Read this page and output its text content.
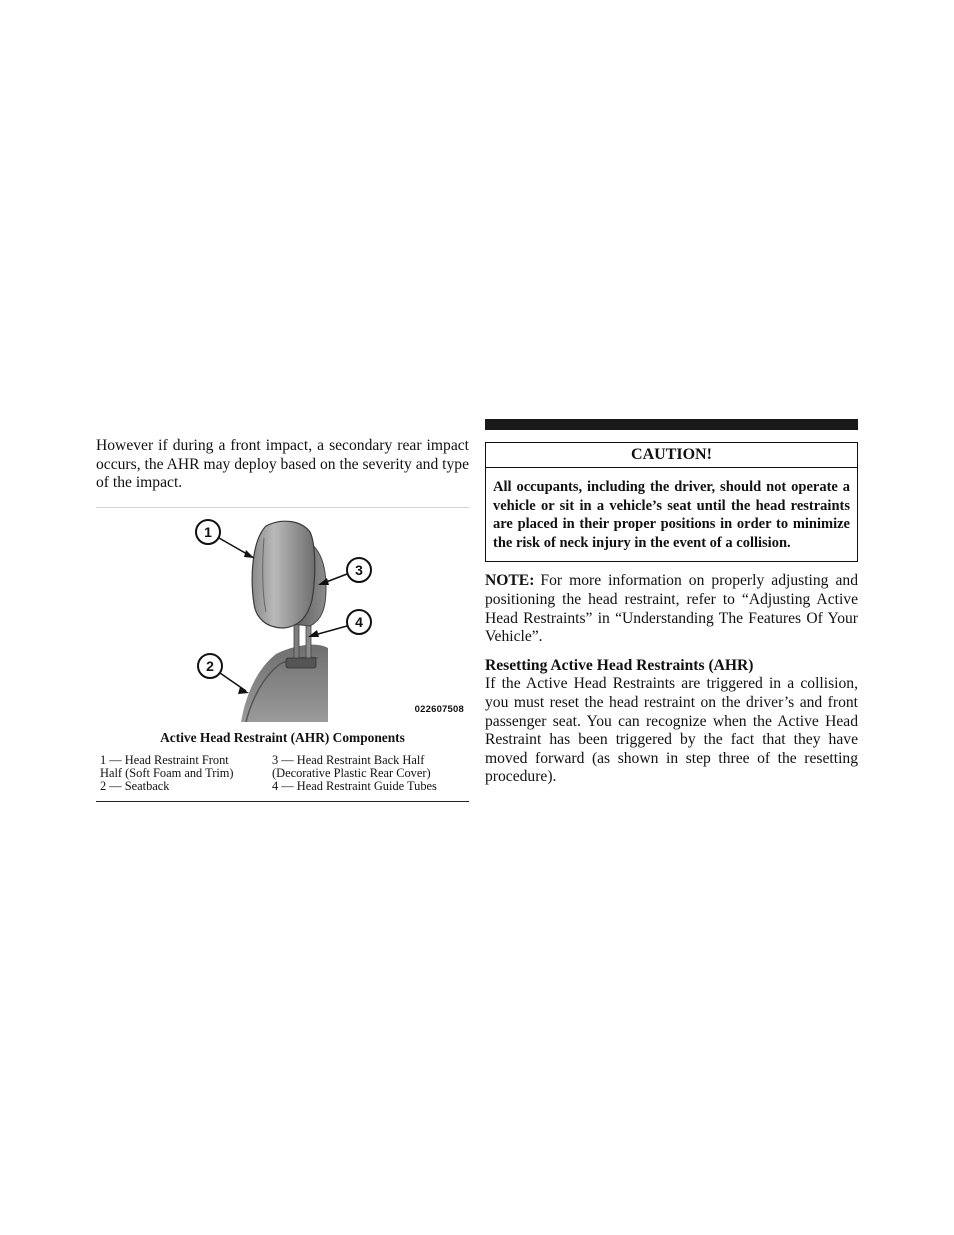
However if during a front impact, a secondary rear impact occurs, the AHR may deploy based on the severity and type of the impact.

1
3
4
2
022607508
Active Head Restraint (AHR) Components
1 — Head Restraint Front
Half (Soft Foam and Trim)
3 — Head Restraint Back Half
(Decorative Plastic Rear Cover)
2 — Seatback	4 — Head Restraint Guide Tubes
CAUTION!

All occupants, including the driver, should not operate a vehicle or sit in a vehicle’s seat until the head restraints are placed in their proper positions in order to minimize the risk of neck injury in the event of a collision.

NOTE: For more information on properly adjusting and positioning the head restraint, refer to “Adjusting Active Head Restraints” in “Understanding The Features Of Your Vehicle”.

Resetting Active Head Restraints (AHR)

If the Active Head Restraints are triggered in a collision, you must reset the head restraint on the driver’s and front passenger seat. You can recognize when the Active Head Restraint has been triggered by the fact that they have moved forward (as shown in step three of the resetting procedure).
